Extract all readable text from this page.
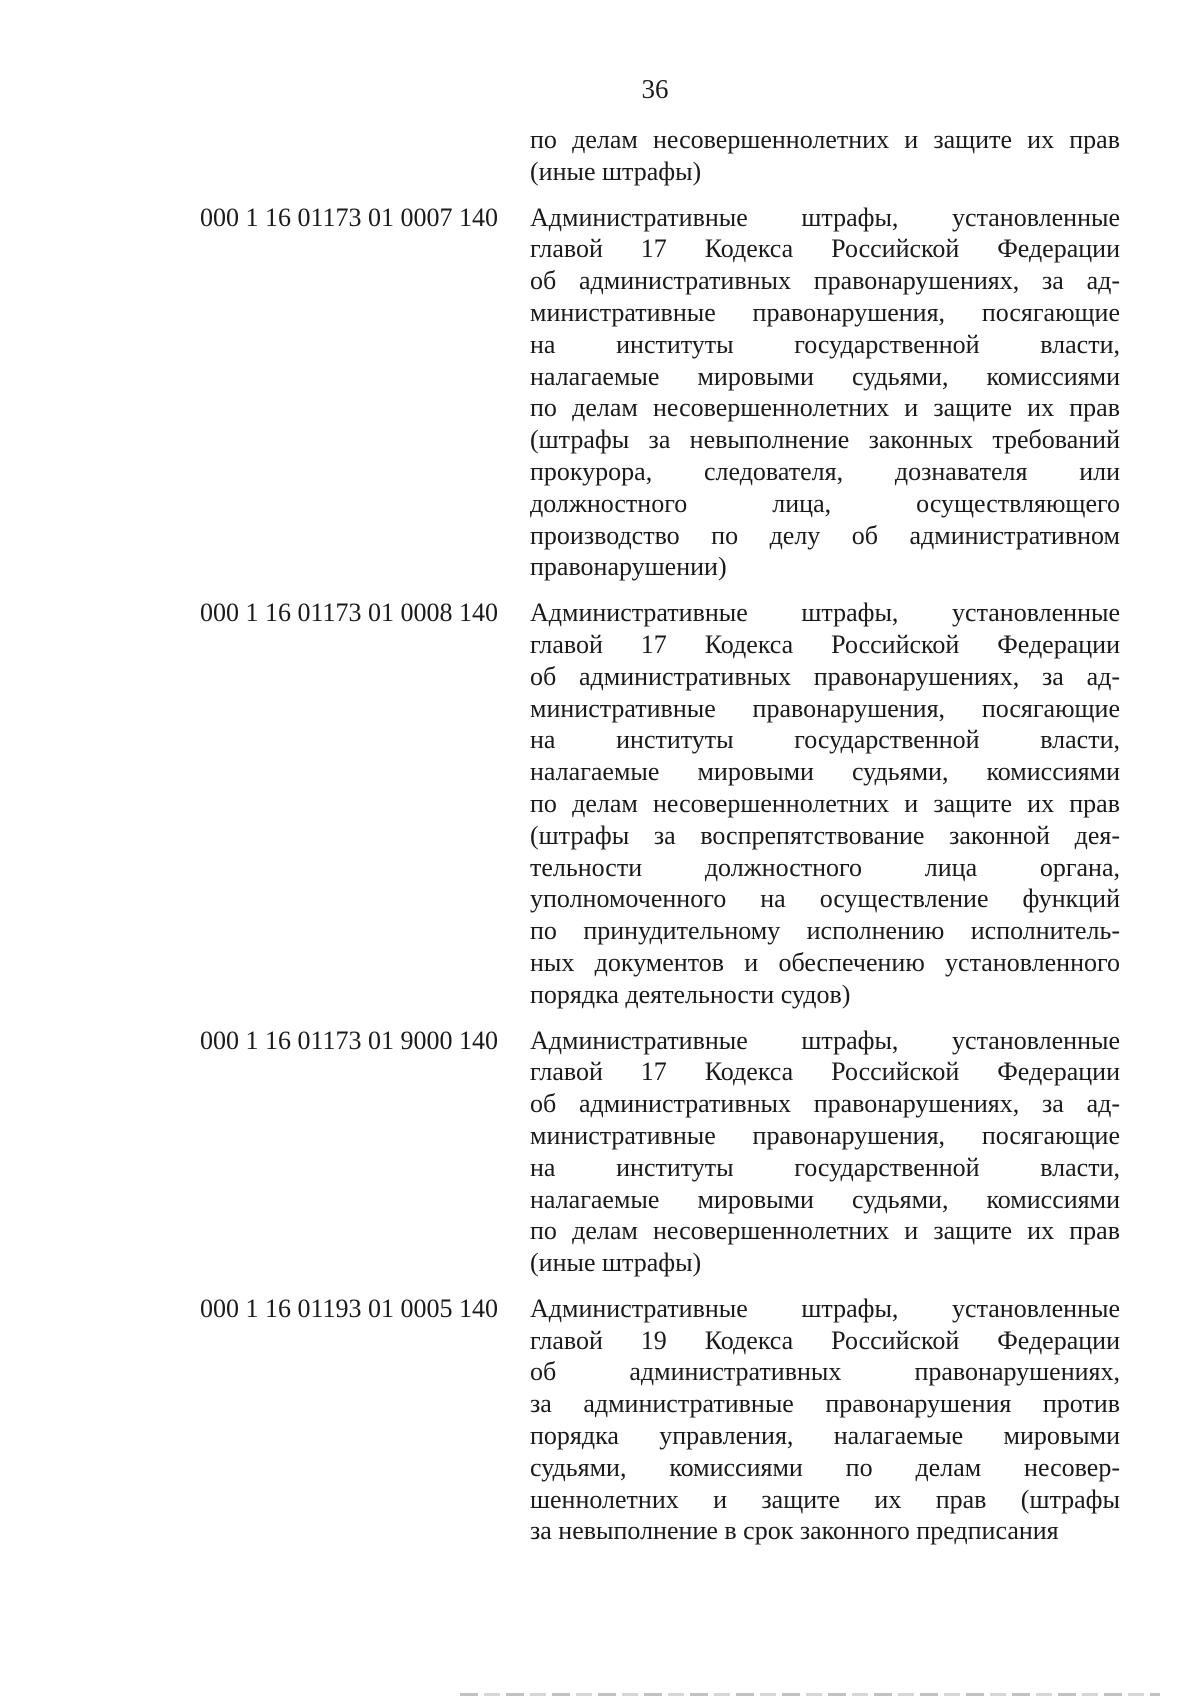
36
по делам несовершеннолетних и защите их прав
(иные штрафы)
000 1 16 01173 01 0007 140	Административные штрафы, установленные
главой 17 Кодекса Российской Федерации
об административных правонарушениях, за ад-
министративные правонарушения, посягающие
на институты государственной власти,
налагаемые мировыми судьями, комиссиями
по делам несовершеннолетних и защите их прав
(штрафы за невыполнение законных требований
прокурора, следователя, дознавателя или
должностного лица, осуществляющего
производство по делу об административном
правонарушении)
000 1 16 01173 01 0008 140	Административные штрафы, установленные
главой 17 Кодекса Российской Федерации
об административных правонарушениях, за ад-
министративные правонарушения, посягающие
на институты государственной власти,
налагаемые мировыми судьями, комиссиями
по делам несовершеннолетних и защите их прав
(штрафы за воспрепятствование законной дея-
тельности должностного лица органа,
уполномоченного на осуществление функций
по принудительному исполнению исполнитель-
ных документов и обеспечению установленного
порядка деятельности судов)
000 1 16 01173 01 9000 140	Административные штрафы, установленные
главой 17 Кодекса Российской Федерации
об административных правонарушениях, за ад-
министративные правонарушения, посягающие
на институты государственной власти,
налагаемые мировыми судьями, комиссиями
по делам несовершеннолетних и защите их прав
(иные штрафы)
000 1 16 01193 01 0005 140	Административные штрафы, установленные
главой 19 Кодекса Российской Федерации
об административных правонарушениях,
за административные правонарушения против
порядка управления, налагаемые мировыми
судьями, комиссиями по делам несовер-
шеннолетних и защите их прав (штрафы
за невыполнение в срок законного предписания
